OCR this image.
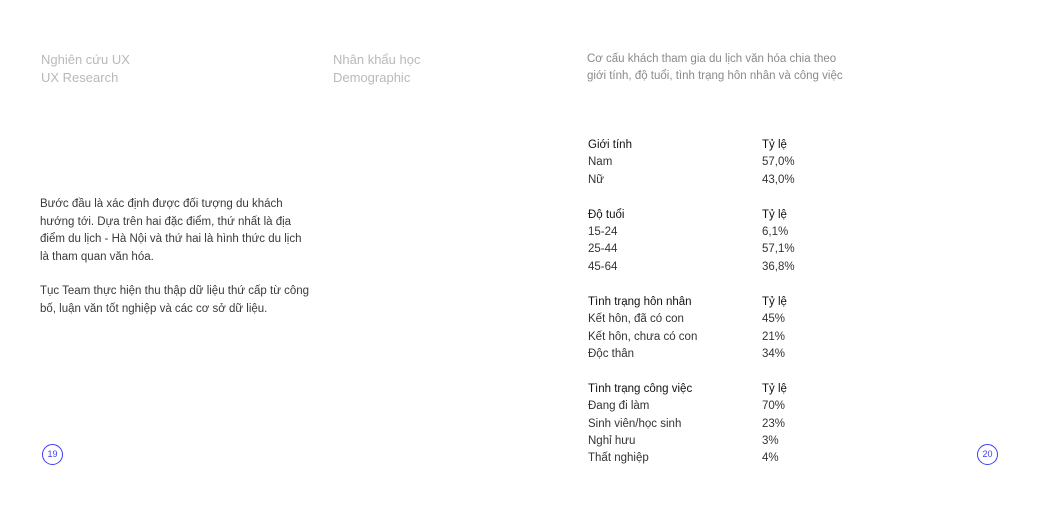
Nghiên cứu UX
UX Research
Nhân khẩu học
Demographic
Cơ cấu khách tham gia du lịch văn hóa chia theo
giới tính, độ tuổi, tình trạng hôn nhân và công việc

Bước đầu là xác định được đối tượng du khách hướng tới. Dựa trên hai đặc điểm, thứ nhất là địa điểm du lịch - Hà Nội và thứ hai là hình thức du lịch là tham quan văn hóa.

Tục Team thực hiện thu thập dữ liệu thứ cấp từ công bố, luận văn tốt nghiệp và các cơ sở dữ liệu.

Giới tính	Tỷ lệ
Nam	57,0%
Nữ	43,0%
Độ tuổi	Tỷ lệ
15-24	6,1%
25-44	57,1%
45-64	36,8%
Tình trạng hôn nhân	Tỷ lệ
Kết hôn, đã có con	45%
Kết hôn, chưa có con	21%
Độc thân	34%
Tình trạng công việc	Tỷ lệ
Đang đi làm	70%
Sinh viên/học sinh	23%
Nghỉ hưu	3%
Thất nghiệp	4%
19	20
